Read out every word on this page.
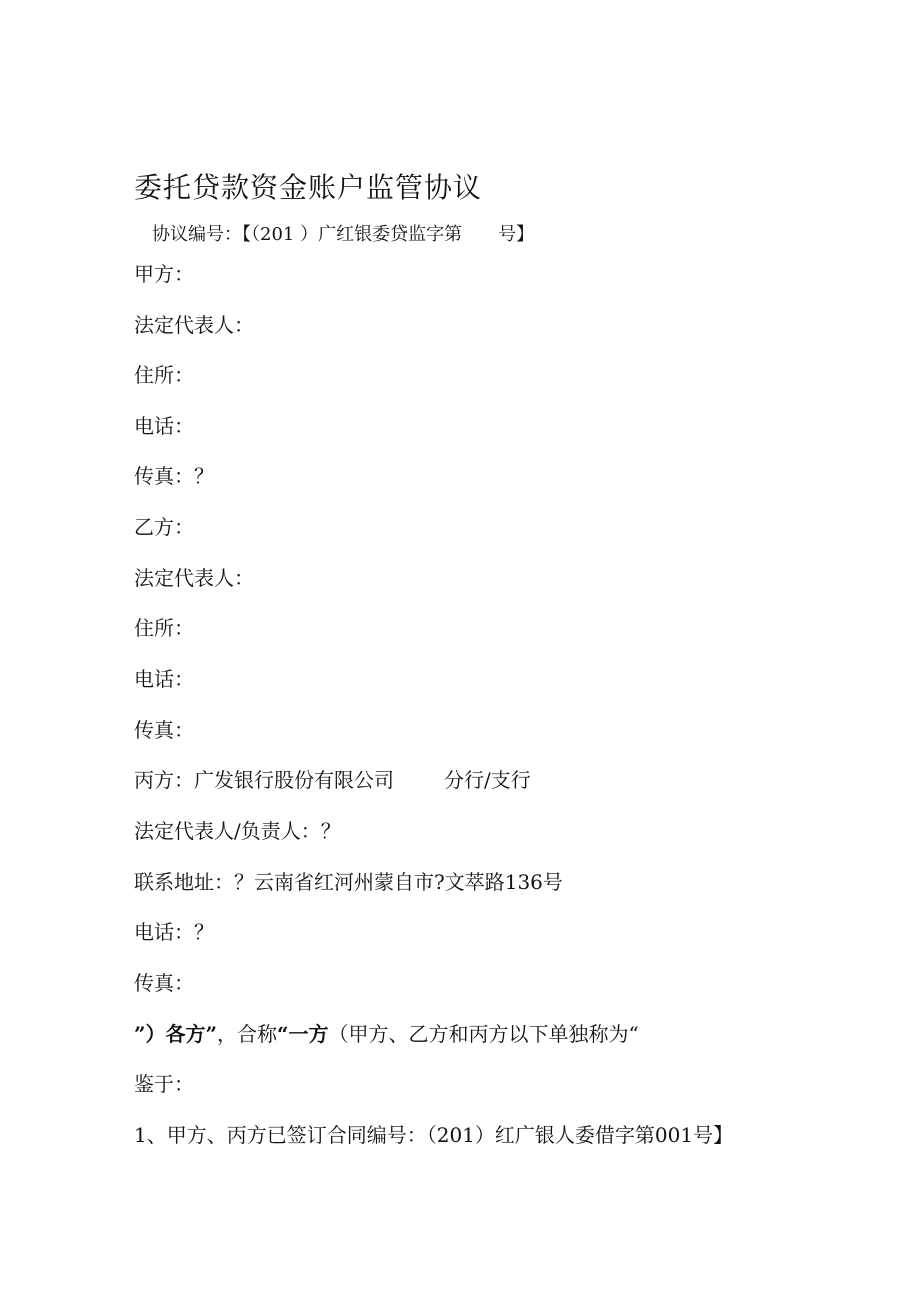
委托贷款资金账户监管协议
协议编号：【（201 ）广红银委贷监字第 号】
甲方：
法定代表人：
住所：
电话：
传真：？
乙方：
法定代表人：
住所：
电话：
传真：
丙方：广发银行股份有限公司	分行/支行
法定代表人/负责人：？
联系地址：？云南省红河州蒙自市?文萃路136号
电话：？
传真：
”）各方”，合称“一方（甲方、乙方和丙方以下单独称为“
鉴于：
1、甲方、丙方已签订合同编号：（201）红广银人委借字第001号】
